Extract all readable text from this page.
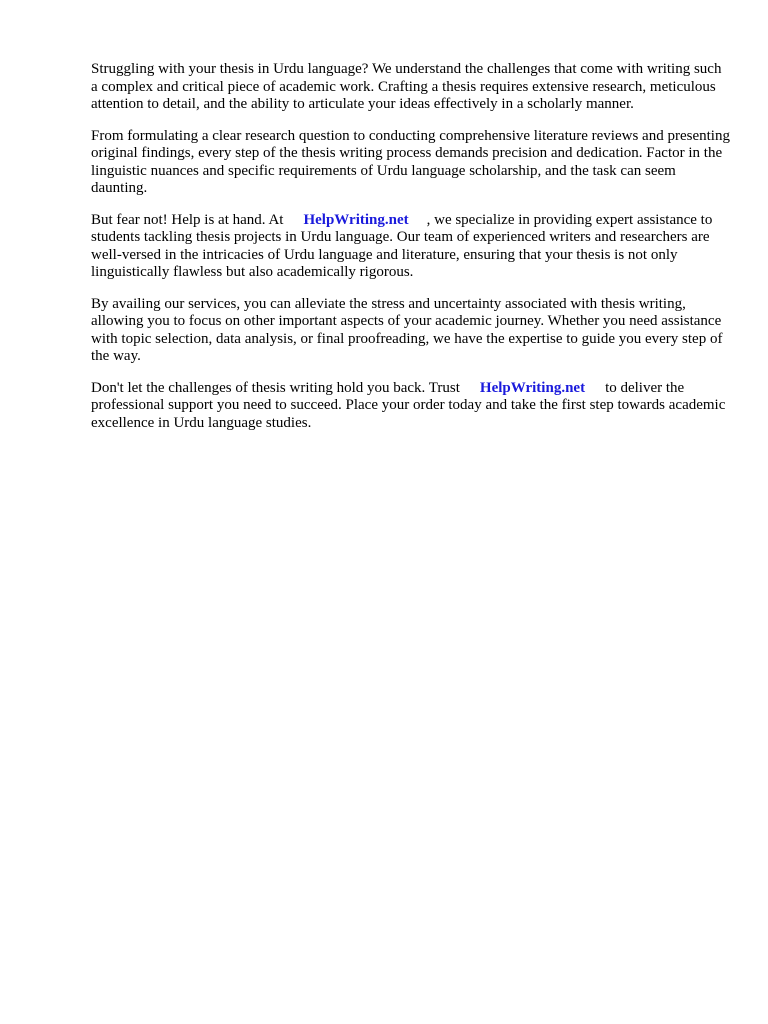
Struggling with your thesis in Urdu language? We understand the challenges that come with writing such a complex and critical piece of academic work. Crafting a thesis requires extensive research, meticulous attention to detail, and the ability to articulate your ideas effectively in a scholarly manner.

From formulating a clear research question to conducting comprehensive literature reviews and presenting original findings, every step of the thesis writing process demands precision and dedication. Factor in the linguistic nuances and specific requirements of Urdu language scholarship, and the task can seem daunting.

But fear not! Help is at hand. At HelpWriting.net , we specialize in providing expert assistance to students tackling thesis projects in Urdu language. Our team of experienced writers and researchers are well-versed in the intricacies of Urdu language and literature, ensuring that your thesis is not only linguistically flawless but also academically rigorous.

By availing our services, you can alleviate the stress and uncertainty associated with thesis writing, allowing you to focus on other important aspects of your academic journey. Whether you need assistance with topic selection, data analysis, or final proofreading, we have the expertise to guide you every step of the way.

Don't let the challenges of thesis writing hold you back. Trust HelpWriting.net to deliver the professional support you need to succeed. Place your order today and take the first step towards academic excellence in Urdu language studies.
